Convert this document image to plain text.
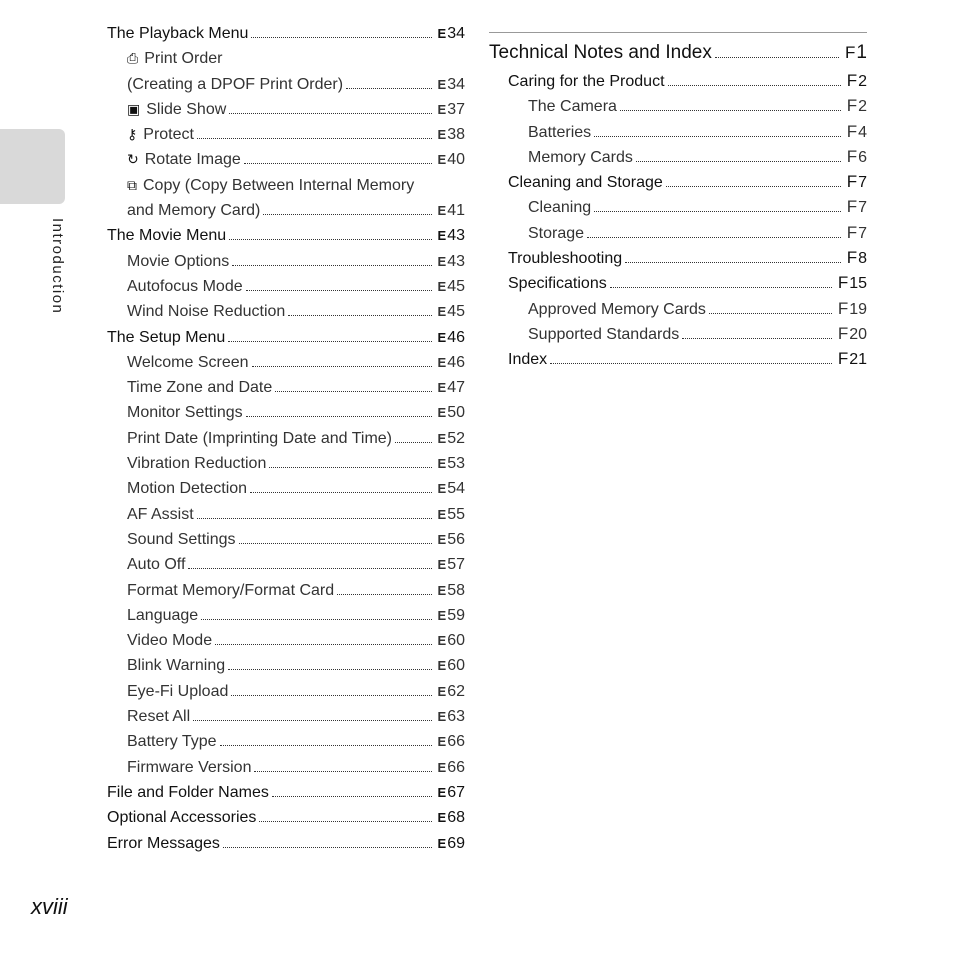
Introduction
The Playback Menu	E 34
⎙ Print Order
(Creating a DPOF Print Order)	E 34
▣ Slide Show	E 37
⚷ Protect	E 38
↻ Rotate Image	E 40
⧉ Copy (Copy Between Internal Memory
and Memory Card)	E 41
The Movie Menu	E 43
Movie Options	E 43
Autofocus Mode	E 45
Wind Noise Reduction	E 45
The Setup Menu	E 46
Welcome Screen	E 46
Time Zone and Date	E 47
Monitor Settings	E 50
Print Date (Imprinting Date and Time)	E 52
Vibration Reduction	E 53
Motion Detection	E 54
AF Assist	E 55
Sound Settings	E 56
Auto Off	E 57
Format Memory/Format Card	E 58
Language	E 59
Video Mode	E 60
Blink Warning	E 60
Eye-Fi Upload	E 62
Reset All	E 63
Battery Type	E 66
Firmware Version	E 66
File and Folder Names	E 67
Optional Accessories	E 68
Error Messages	E 69
Technical Notes and Index	F 1
Caring for the Product	F 2
The Camera	F 2
Batteries	F 4
Memory Cards	F 6
Cleaning and Storage	F 7
Cleaning	F 7
Storage	F 7
Troubleshooting	F 8
Specifications	F 15
Approved Memory Cards	F 19
Supported Standards	F 20
Index	F 21
xviii
